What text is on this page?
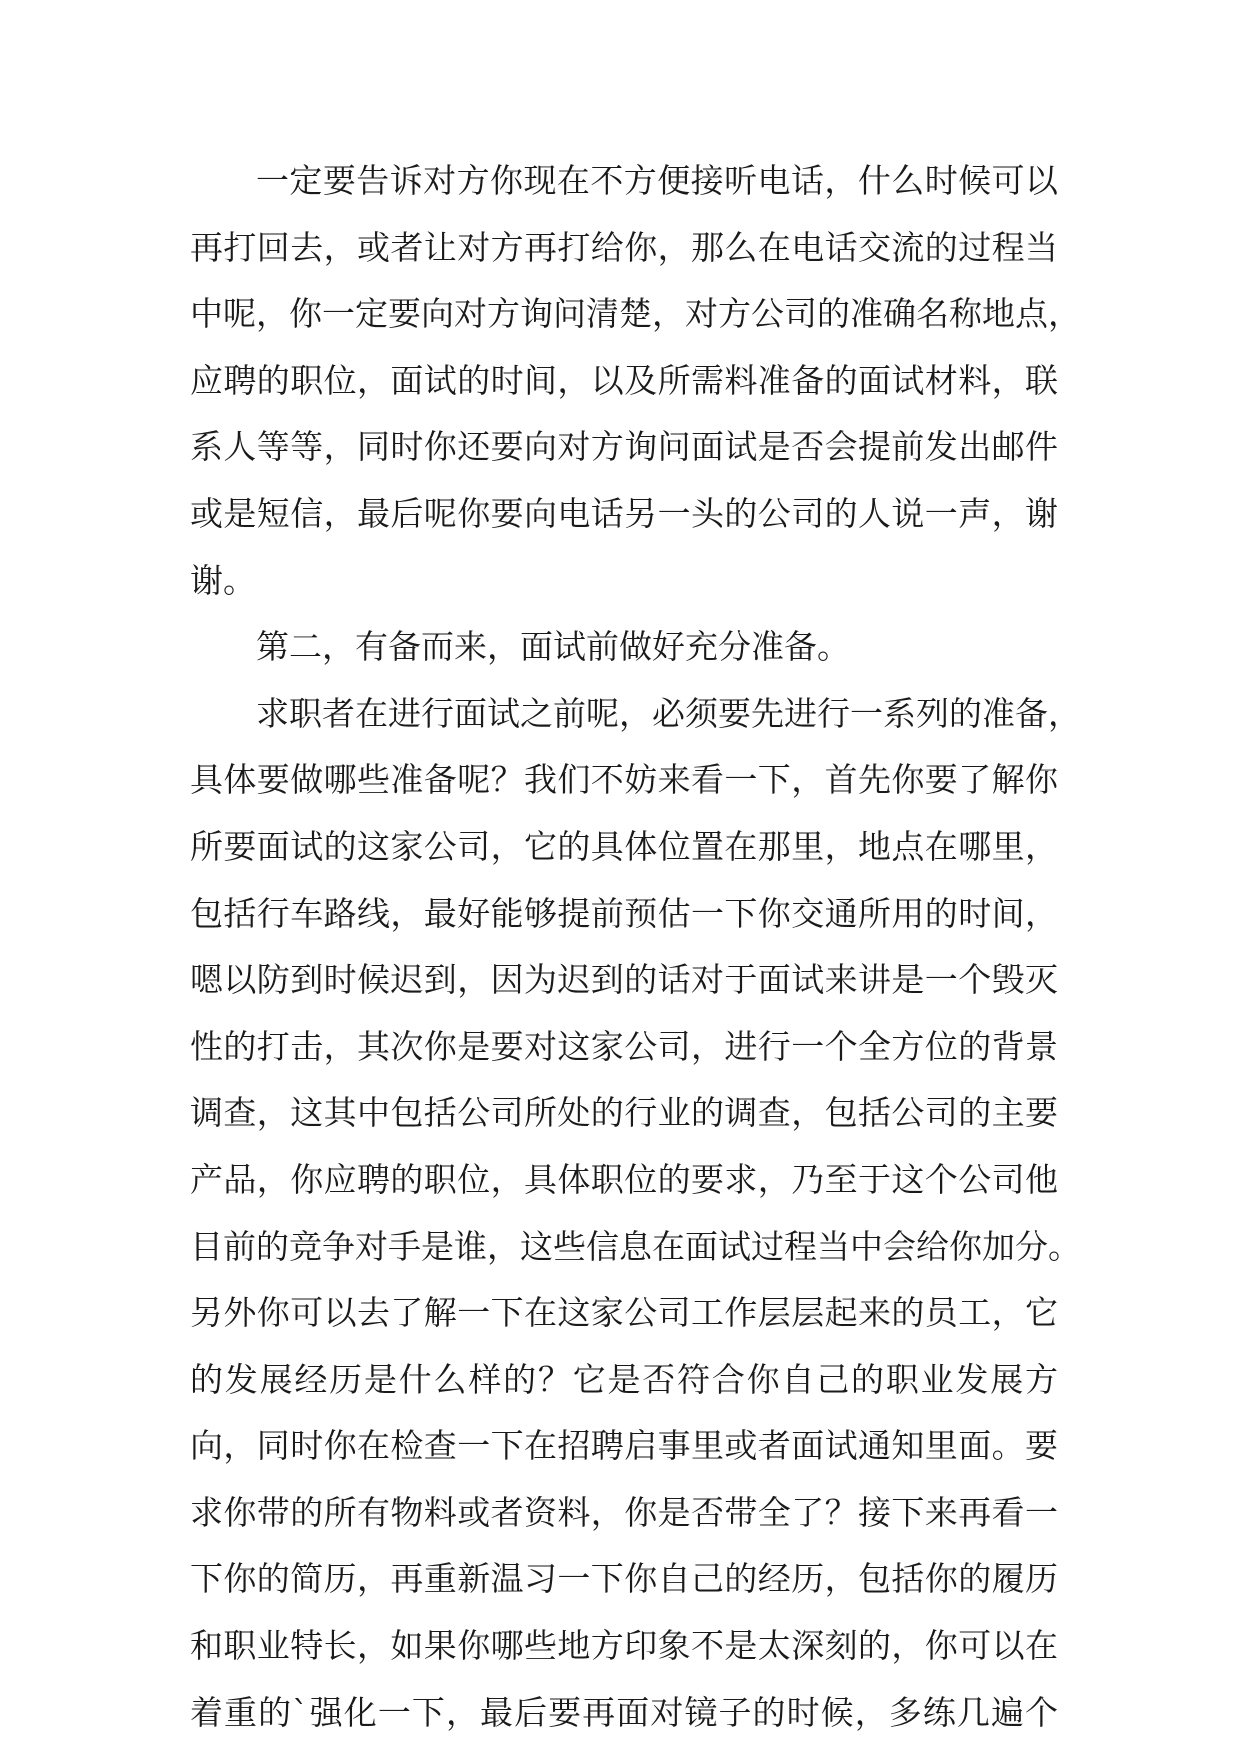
一定要告诉对方你现在不方便接听电话，什么时候可以
再打回去，或者让对方再打给你，那么在电话交流的过程当
中呢，你一定要向对方询问清楚，对方公司的准确名称地点，
应聘的职位，面试的时间，以及所需料准备的面试材料，联
系人等等，同时你还要向对方询问面试是否会提前发出邮件
或是短信，最后呢你要向电话另一头的公司的人说一声，谢
谢。
第二，有备而来，面试前做好充分准备。
求职者在进行面试之前呢，必须要先进行一系列的准备，
具体要做哪些准备呢？我们不妨来看一下，首先你要了解你
所要面试的这家公司，它的具体位置在那里，地点在哪里，
包括行车路线，最好能够提前预估一下你交通所用的时间，
嗯以防到时候迟到，因为迟到的话对于面试来讲是一个毁灭
性的打击，其次你是要对这家公司，进行一个全方位的背景
调查，这其中包括公司所处的行业的调查，包括公司的主要
产品，你应聘的职位，具体职位的要求，乃至于这个公司他
目前的竞争对手是谁，这些信息在面试过程当中会给你加分。
另外你可以去了解一下在这家公司工作层层起来的员工，它
的发展经历是什么样的？它是否符合你自己的职业发展方
向，同时你在检查一下在招聘启事里或者面试通知里面。要
求你带的所有物料或者资料，你是否带全了？接下来再看一
下你的简历，再重新温习一下你自己的经历，包括你的履历
和职业特长，如果你哪些地方印象不是太深刻的，你可以在
着重的`强化一下，最后要再面对镜子的时候，多练几遍个
